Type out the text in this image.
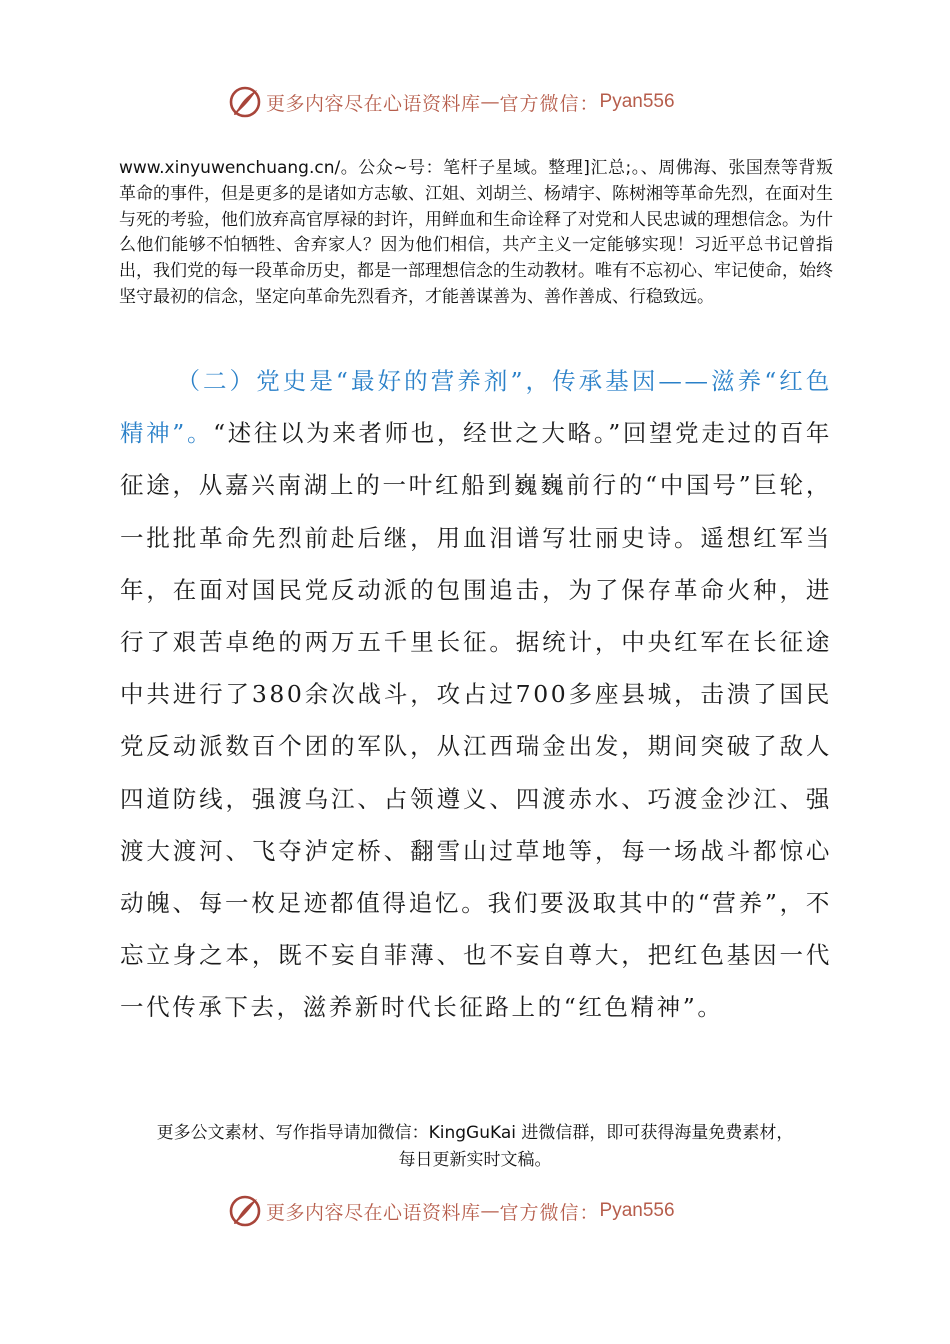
更多内容尽在心语资料库 — 官方微信： Pyan556

www.xinyuwenchuang.cn/。公众~号：笔杆子星域。整理]汇总;。、周佛海、张国焘等背叛革命的事件，但是更多的是诸如方志敏、江姐、刘胡兰、杨靖宇、陈树湘等革命先烈，在面对生与死的考验，他们放弃高官厚禄的封许，用鲜血和生命诠释了对党和人民忠诚的理想信念。为什么他们能够不怕牺牲、舍弃家人？因为他们相信，共产主义一定能够实现！习近平总书记曾指出，我们党的每一段革命历史，都是一部理想信念的生动教材。唯有不忘初心、牢记使命，始终坚守最初的信念，坚定向革命先烈看齐，才能善谋善为、善作善成、行稳致远。

（二）党史是“最好的营养剂”，传承基因——滋养“红色精神”。“述往以为来者师也，经世之大略。”回望党走过的百年征途，从嘉兴南湖上的一叶红船到巍巍前行的“中国号”巨轮，一批批革命先烈前赴后继，用血泪谱写壮丽史诗。遥想红军当年，在面对国民党反动派的包围追击，为了保存革命火种，进行了艰苦卓绝的两万五千里长征。据统计，中央红军在长征途中共进行了380余次战斗，攻占过700多座县城，击溃了国民党反动派数百个团的军队，从江西瑞金出发，期间突破了敌人四道防线，强渡乌江、占领遵义、四渡赤水、巧渡金沙江、强渡大渡河、飞夺泸定桥、翻雪山过草地等，每一场战斗都惊心动魄、每一枚足迹都值得追忆。我们要汲取其中的“营养”，不忘立身之本，既不妄自菲薄、也不妄自尊大，把红色基因一代一代传承下去，滋养新时代长征路上的“红色精神”。

更多公文素材、写作指导请加微信：KingGuKai 进微信群，即可获得海量免费素材，
每日更新实时文稿。

更多内容尽在心语资料库 — 官方微信： Pyan556
